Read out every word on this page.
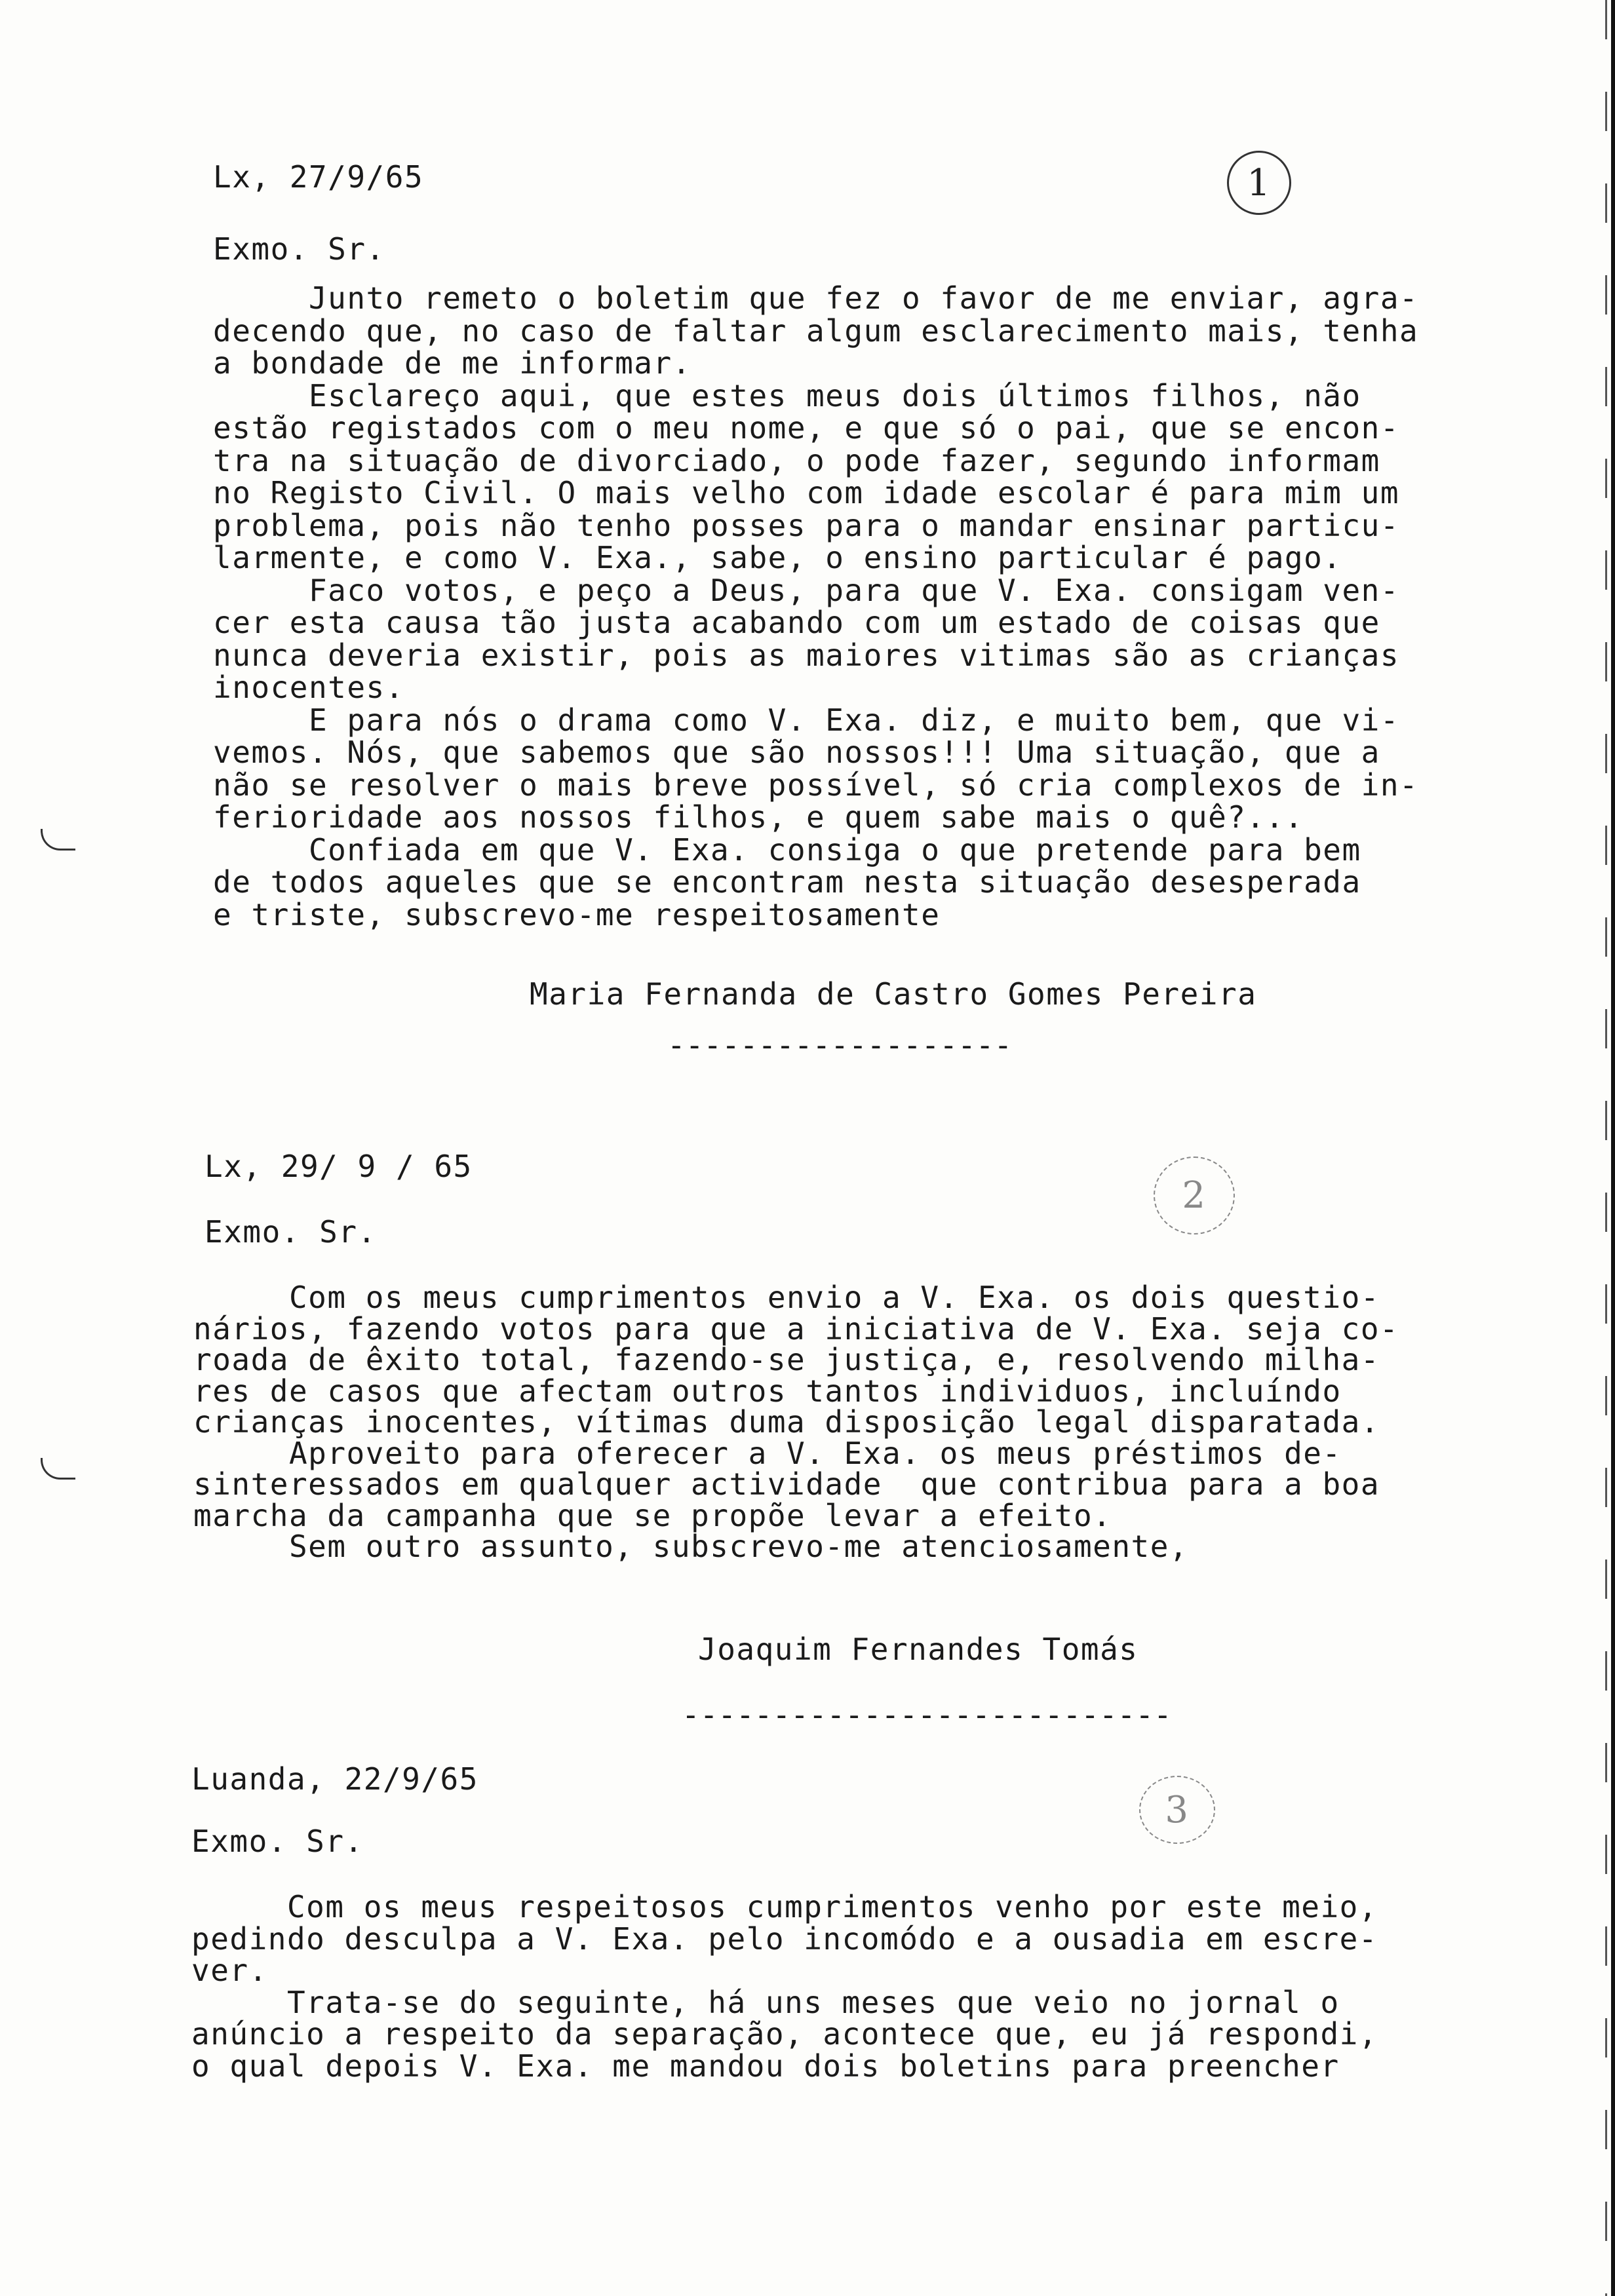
Lx, 27/9/65	1
Exmo. Sr.
Junto remeto o boletim que fez o favor de me enviar, agra-
decendo que, no caso de faltar algum esclarecimento mais, tenha
a bondade de me informar.
Esclareço aqui, que estes meus dois últimos filhos, não
estão registados com o meu nome, e que só o pai, que se encon-
tra na situação de divorciado, o pode fazer, segundo informam
no Registo Civil. O mais velho com idade escolar é para mim um
problema, pois não tenho posses para o mandar ensinar particu-
larmente, e como V. Exa., sabe, o ensino particular é pago.
Faco votos, e peço a Deus, para que V. Exa. consigam ven-
cer esta causa tão justa acabando com um estado de coisas que
nunca deveria existir, pois as maiores vitimas são as crianças
inocentes.
E para nós o drama como V. Exa. diz, e muito bem, que vi-
vemos. Nós, que sabemos que são nossos!!! Uma situação, que a
não se resolver o mais breve possível, só cria complexos de in-
ferioridade aos nossos filhos, e quem sabe mais o quê?...
Confiada em que V. Exa. consiga o que pretende para bem
de todos aqueles que se encontram nesta situação desesperada
e triste, subscrevo-me respeitosamente
Maria Fernanda de Castro Gomes Pereira
-------------------
Lx, 29/ 9 / 65
2
Exmo. Sr.
Com os meus cumprimentos envio a V. Exa. os dois questio-
nários, fazendo votos para que a iniciativa de V. Exa. seja co-
roada de êxito total, fazendo-se justiça, e, resolvendo milha-
res de casos que afectam outros tantos individuos, incluíndo
crianças inocentes, vítimas duma disposição legal disparatada.
Aproveito para oferecer a V. Exa. os meus préstimos de-
sinteressados em qualquer actividade  que contribua para a boa
marcha da campanha que se propõe levar a efeito.
Sem outro assunto, subscrevo-me atenciosamente,
Joaquim Fernandes Tomás
---------------------------
Luanda, 22/9/65
3
Exmo. Sr.
Com os meus respeitosos cumprimentos venho por este meio,
pedindo desculpa a V. Exa. pelo incomódo e a ousadia em escre-
ver.
Trata-se do seguinte, há uns meses que veio no jornal o
anúncio a respeito da separação, acontece que, eu já respondi,
o qual depois V. Exa. me mandou dois boletins para preencher
